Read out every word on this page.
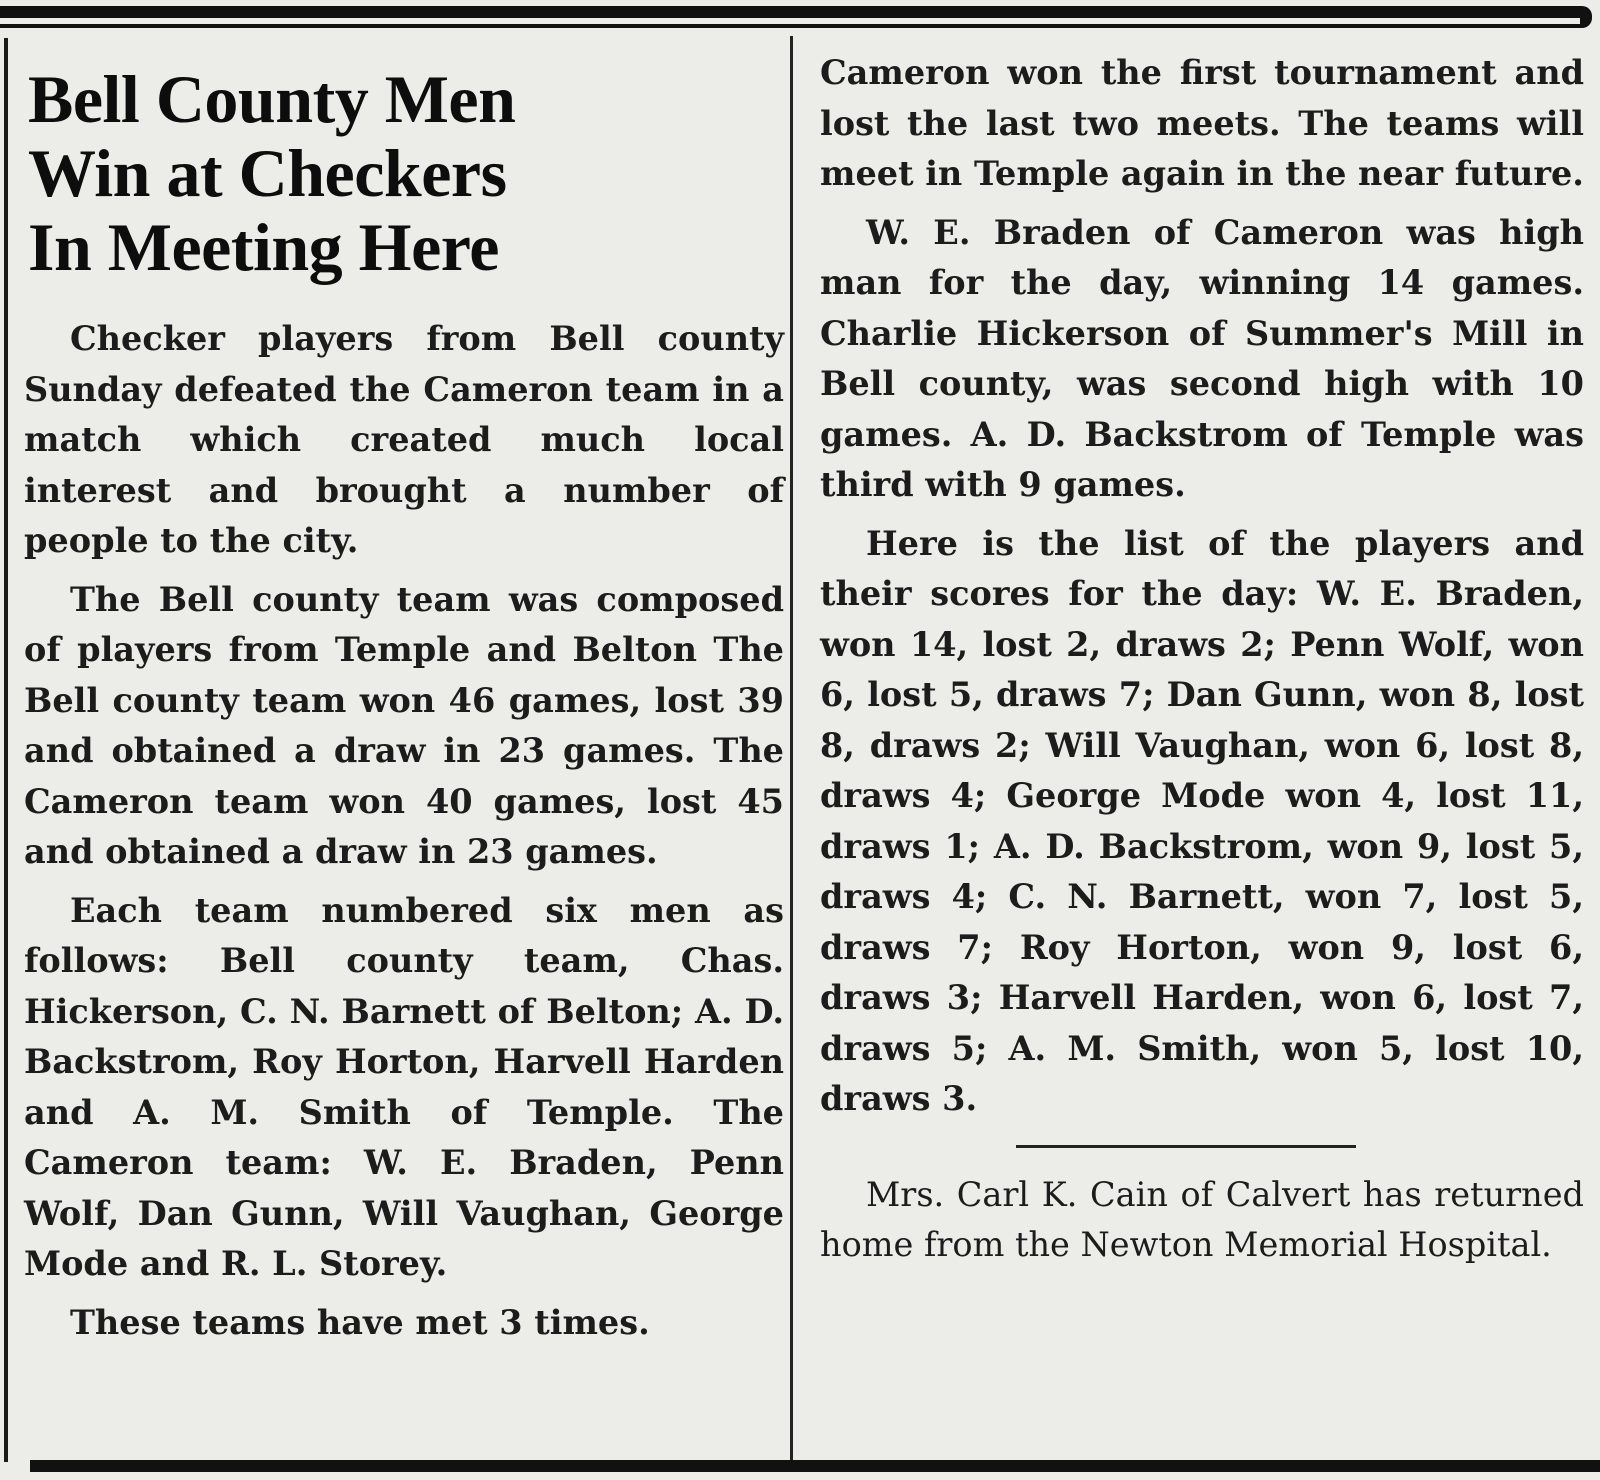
Bell County Men
Win at Checkers
In Meeting Here

Checker players from Bell county Sunday defeated the Cameron team in a match which created much local interest and brought a number of people to the city.

The Bell county team was composed of players from Temple and Belton The Bell county team won 46 games, lost 39 and obtained a draw in 23 games. The Cameron team won 40 games, lost 45 and obtained a draw in 23 games.

Each team numbered six men as follows: Bell county team, Chas. Hickerson, C. N. Barnett of Belton; A. D. Backstrom, Roy Horton, Harvell Harden and A. M. Smith of Temple. The Cameron team: W. E. Braden, Penn Wolf, Dan Gunn, Will Vaughan, George Mode and R. L. Storey.

These teams have met 3 times.

Cameron won the first tournament and lost the last two meets. The teams will meet in Temple again in the near future.

W. E. Braden of Cameron was high man for the day, winning 14 games. Charlie Hickerson of Summer's Mill in Bell county, was second high with 10 games. A. D. Backstrom of Temple was third with 9 games.

Here is the list of the players and their scores for the day: W. E. Braden, won 14, lost 2, draws 2; Penn Wolf, won 6, lost 5, draws 7; Dan Gunn, won 8, lost 8, draws 2; Will Vaughan, won 6, lost 8, draws 4; George Mode won 4, lost 11, draws 1; A. D. Backstrom, won 9, lost 5, draws 4; C. N. Barnett, won 7, lost 5, draws 7; Roy Horton, won 9, lost 6, draws 3; Harvell Harden, won 6, lost 7, draws 5; A. M. Smith, won 5, lost 10, draws 3.

Mrs. Carl K. Cain of Calvert has returned home from the Newton Memorial Hospital.
